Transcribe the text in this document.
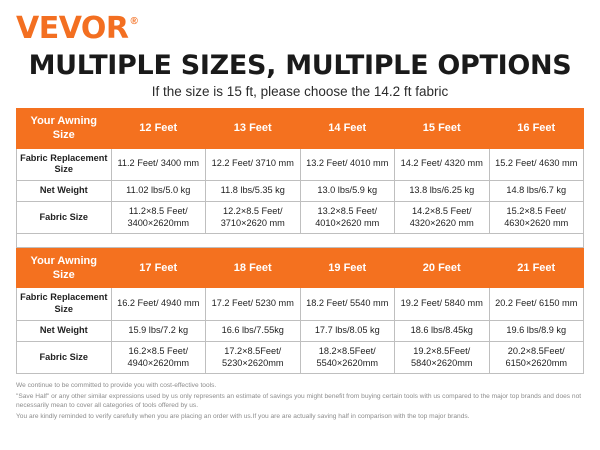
VEVOR ®
MULTIPLE SIZES, MULTIPLE OPTIONS
If the size is 15 ft, please choose the 14.2 ft fabric
Your Awning Size	12 Feet	13 Feet	14 Feet	15 Feet	16 Feet
Fabric Replacement Size	11.2 Feet/ 3400 mm	12.2 Feet/ 3710 mm	13.2 Feet/ 4010 mm	14.2 Feet/ 4320 mm	15.2 Feet/ 4630 mm
Net Weight	11.02 lbs/5.0 kg	11.8 lbs/5.35 kg	13.0 lbs/5.9 kg	13.8 lbs/6.25 kg	14.8 lbs/6.7 kg
Fabric Size	11.2×8.5 Feet/ 3400×2620mm	12.2×8.5 Feet/ 3710×2620 mm	13.2×8.5 Feet/ 4010×2620 mm	14.2×8.5 Feet/ 4320×2620 mm	15.2×8.5 Feet/ 4630×2620 mm

Your Awning Size	17 Feet	18 Feet	19 Feet	20 Feet	21 Feet
Fabric Replacement Size	16.2 Feet/ 4940 mm	17.2 Feet/ 5230 mm	18.2 Feet/ 5540 mm	19.2 Feet/ 5840 mm	20.2 Feet/ 6150 mm
Net Weight	15.9 lbs/7.2 kg	16.6 lbs/7.55kg	17.7 lbs/8.05 kg	18.6 lbs/8.45kg	19.6 lbs/8.9 kg
Fabric Size	16.2×8.5 Feet/ 4940×2620mm	17.2×8.5Feet/ 5230×2620mm	18.2×8.5Feet/ 5540×2620mm	19.2×8.5Feet/ 5840×2620mm	20.2×8.5Feet/ 6150×2620mm

We continue to be committed to provide you with cost-effective tools.

"Save Half" or any other similar expressions used by us only represents an estimate of savings you might benefit from buying certain tools with us compared to the major top brands and does not necessarily mean to cover all categories of tools offered by us.

You are kindly reminded to verify carefully when you are placing an order with us.If you are are actually saving half in comparison with the top major brands.
